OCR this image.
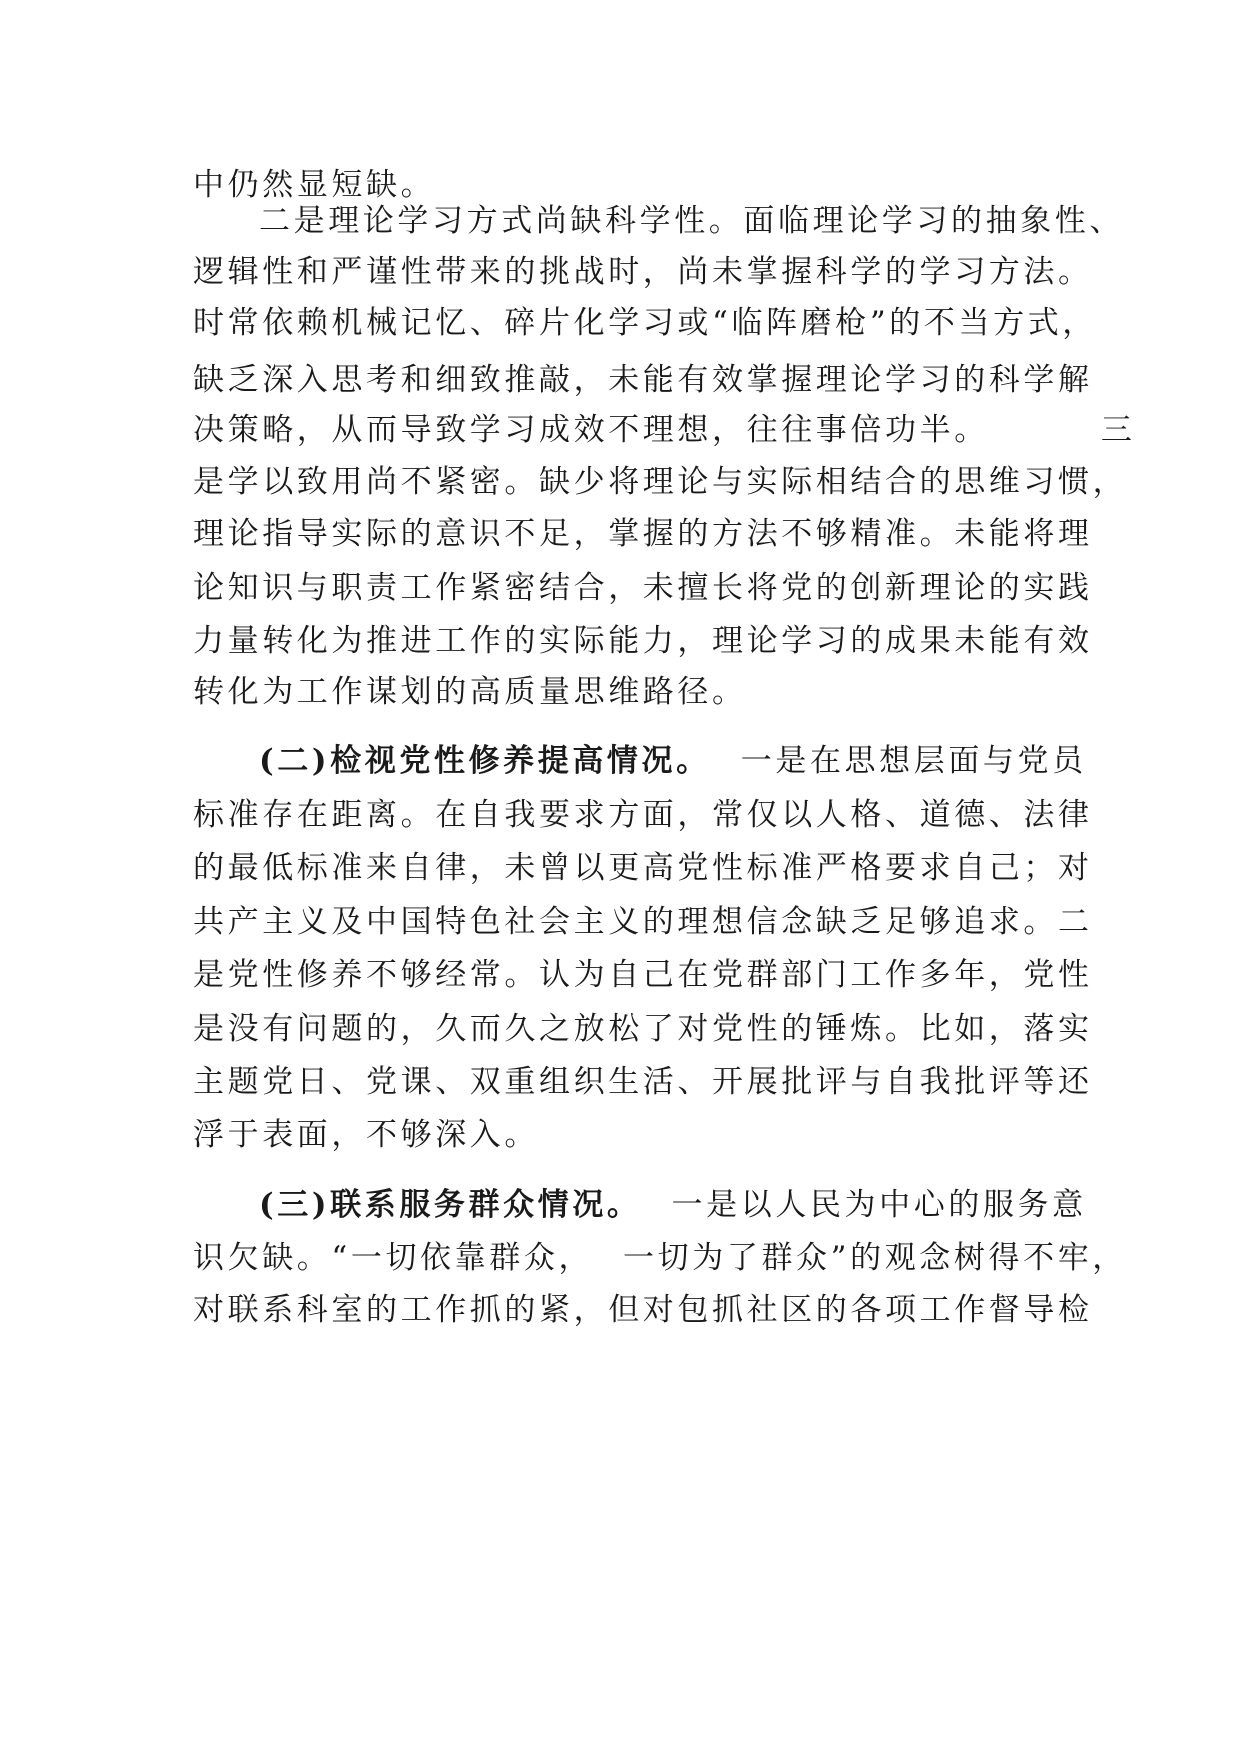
中仍然显短缺。
二是理论学习方式尚缺科学性。面临理论学习的抽象性、
逻辑性和严谨性带来的挑战时，尚未掌握科学的学习方法。
时常依赖机械记忆、碎片化学习或“临阵磨枪”的不当方式，
缺乏深入思考和细致推敲，未能有效掌握理论学习的科学解
决策略，从而导致学习成效不理想，往往事倍功半。	三
是学以致用尚不紧密。缺少将理论与实际相结合的思维习惯，
理论指导实际的意识不足，掌握的方法不够精准。未能将理
论知识与职责工作紧密结合，未擅长将党的创新理论的实践
力量转化为推进工作的实际能力，理论学习的成果未能有效
转化为工作谋划的高质量思维路径。
(二)检视党性修养提高情况。 一是在思想层面与党员
标准存在距离。在自我要求方面，常仅以人格、道德、法律
的最低标准来自律，未曾以更高党性标准严格要求自己；对
共产主义及中国特色社会主义的理想信念缺乏足够追求。二
是党性修养不够经常。认为自己在党群部门工作多年，党性
是没有问题的，久而久之放松了对党性的锤炼。比如，落实
主题党日、党课、双重组织生活、开展批评与自我批评等还
浮于表面，不够深入。
(三)联系服务群众情况。 一是以人民为中心的服务意
识欠缺。“一切依靠群众， 一切为了群众”的观念树得不牢，
对联系科室的工作抓的紧，但对包抓社区的各项工作督导检
